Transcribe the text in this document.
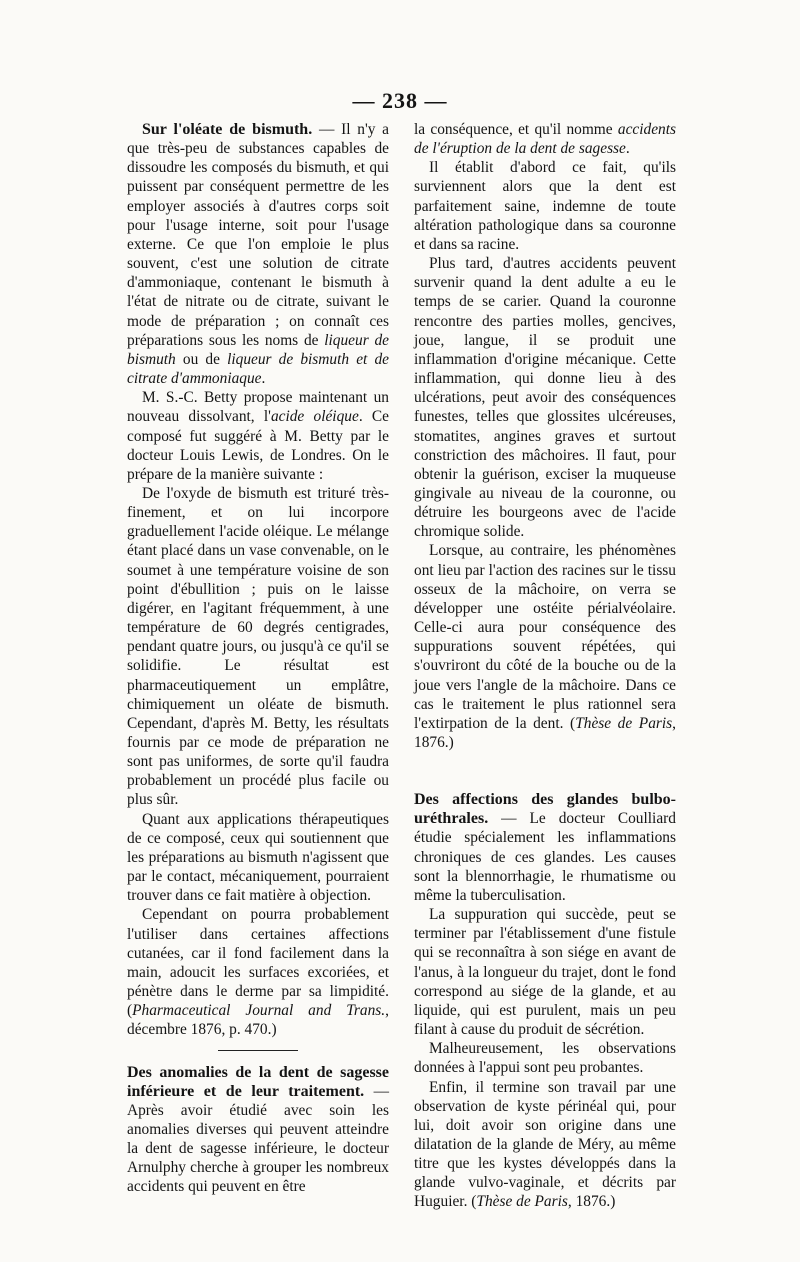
— 238 —

Sur l'oléate de bismuth. — Il n'y a que très-peu de substances capables de dissoudre les composés du bismuth, et qui puissent par conséquent permettre de les employer associés à d'autres corps soit pour l'usage interne, soit pour l'usage externe. Ce que l'on emploie le plus souvent, c'est une solution de citrate d'ammoniaque, contenant le bismuth à l'état de nitrate ou de citrate, suivant le mode de préparation ; on connaît ces préparations sous les noms de liqueur de bismuth ou de liqueur de bismuth et de citrate d'ammoniaque.

M. S.-C. Betty propose maintenant un nouveau dissolvant, l'acide oléique. Ce composé fut suggéré à M. Betty par le docteur Louis Lewis, de Londres. On le prépare de la manière suivante :

De l'oxyde de bismuth est trituré très-finement, et on lui incorpore graduellement l'acide oléique. Le mélange étant placé dans un vase convenable, on le soumet à une température voisine de son point d'ébullition ; puis on le laisse digérer, en l'agitant fréquemment, à une température de 60 degrés centigrades, pendant quatre jours, ou jusqu'à ce qu'il se solidifie. Le résultat est pharmaceutiquement un emplâtre, chimiquement un oléate de bismuth. Cependant, d'après M. Betty, les résultats fournis par ce mode de préparation ne sont pas uniformes, de sorte qu'il faudra probablement un procédé plus facile ou plus sûr.

Quant aux applications thérapeutiques de ce composé, ceux qui soutiennent que les préparations au bismuth n'agissent que par le contact, mécaniquement, pourraient trouver dans ce fait matière à objection.

Cependant on pourra probablement l'utiliser dans certaines affections cutanées, car il fond facilement dans la main, adoucit les surfaces excoriées, et pénètre dans le derme par sa limpidité. (Pharmaceutical Journal and Trans., décembre 1876, p. 470.)

Des anomalies de la dent de sagesse inférieure et de leur traitement. — Après avoir étudié avec soin les anomalies diverses qui peuvent atteindre la dent de sagesse inférieure, le docteur Arnulphy cherche à grouper les nombreux accidents qui peuvent en être

la conséquence, et qu'il nomme accidents de l'éruption de la dent de sagesse.

Il établit d'abord ce fait, qu'ils surviennent alors que la dent est parfaitement saine, indemne de toute altération pathologique dans sa couronne et dans sa racine.

Plus tard, d'autres accidents peuvent survenir quand la dent adulte a eu le temps de se carier. Quand la couronne rencontre des parties molles, gencives, joue, langue, il se produit une inflammation d'origine mécanique. Cette inflammation, qui donne lieu à des ulcérations, peut avoir des conséquences funestes, telles que glossites ulcéreuses, stomatites, angines graves et surtout constriction des mâchoires. Il faut, pour obtenir la guérison, exciser la muqueuse gingivale au niveau de la couronne, ou détruire les bourgeons avec de l'acide chromique solide.

Lorsque, au contraire, les phénomènes ont lieu par l'action des racines sur le tissu osseux de la mâchoire, on verra se développer une ostéite périalvéolaire. Celle-ci aura pour conséquence des suppurations souvent répétées, qui s'ouvriront du côté de la bouche ou de la joue vers l'angle de la mâchoire. Dans ce cas le traitement le plus rationnel sera l'extirpation de la dent. (Thèse de Paris, 1876.)

Des affections des glandes bulbo-uréthrales. — Le docteur Coulliard étudie spécialement les inflammations chroniques de ces glandes. Les causes sont la blennorrhagie, le rhumatisme ou même la tuberculisation.

La suppuration qui succède, peut se terminer par l'établissement d'une fistule qui se reconnaîtra à son siége en avant de l'anus, à la longueur du trajet, dont le fond correspond au siége de la glande, et au liquide, qui est purulent, mais un peu filant à cause du produit de sécrétion.

Malheureusement, les observations données à l'appui sont peu probantes.

Enfin, il termine son travail par une observation de kyste périnéal qui, pour lui, doit avoir son origine dans une dilatation de la glande de Méry, au même titre que les kystes développés dans la glande vulvo-vaginale, et décrits par Huguier. (Thèse de Paris, 1876.)
